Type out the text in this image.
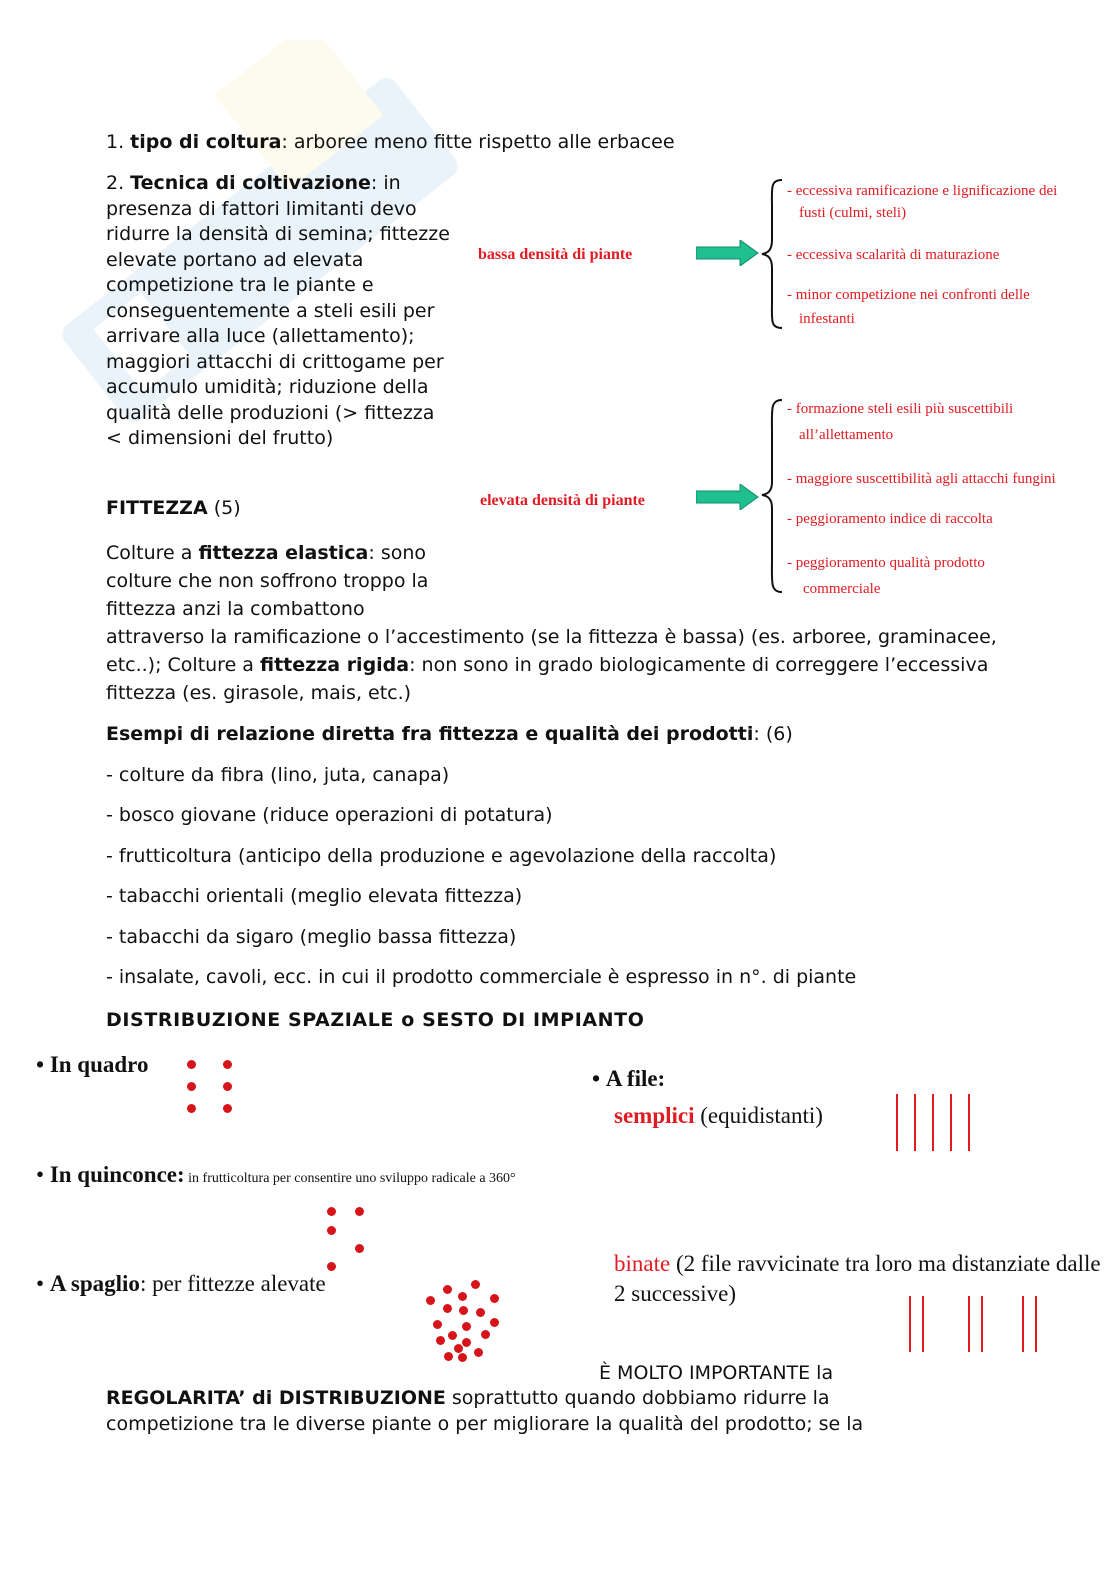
1. tipo di coltura: arboree meno fitte rispetto alle erbacee
2. Tecnica di coltivazione: in presenza di fattori limitanti devo ridurre la densità di semina; fittezze elevate portano ad elevata competizione tra le piante e conseguentemente a steli esili per arrivare alla luce (allettamento); maggiori attacchi di crittogame per accumulo umidità; riduzione della qualità delle produzioni (> fittezza < dimensioni del frutto)
FITTEZZA (5)
Colture a fittezza elastica: sono colture che non soffrono troppo la fittezza anzi la combattono attraverso la ramificazione o l’accestimento (se la fittezza è bassa) (es. arboree, graminacee, etc..); Colture a fittezza rigida: non sono in grado biologicamente di correggere l’eccessiva fittezza (es. girasole, mais, etc.)
Esempi di relazione diretta fra fittezza e qualità dei prodotti: (6)
- colture da fibra (lino, juta, canapa)
- bosco giovane (riduce operazioni di potatura)
- frutticoltura (anticipo della produzione e agevolazione della raccolta)
- tabacchi orientali (meglio elevata fittezza)
- tabacchi da sigaro (meglio bassa fittezza)
- insalate, cavoli, ecc. in cui il prodotto commerciale è espresso in n°. di piante
DISTRIBUZIONE SPAZIALE o SESTO DI IMPIANTO
bassa densità di piante
- eccessiva ramificazione e lignificazione dei
fusti (culmi, steli)
- eccessiva scalarità di maturazione
- minor competizione nei confronti delle
infestanti
elevata densità di piante
- formazione steli esili più suscettibili
all’allettamento
- maggiore suscettibilità agli attacchi fungini
- peggioramento indice di raccolta
- peggioramento qualità prodotto
commerciale
• In quadro
• In quinconce: in frutticoltura per consentire uno sviluppo radicale a 360°
• A spaglio: per fittezze alevate
• A file:
semplici (equidistanti)
binate (2 file ravvicinate tra loro ma distanziate dalle 2 successive)
È MOLTO IMPORTANTE la
REGOLARITA’ di DISTRIBUZIONE soprattutto quando dobbiamo ridurre la competizione tra le diverse piante o per migliorare la qualità del prodotto; se la
